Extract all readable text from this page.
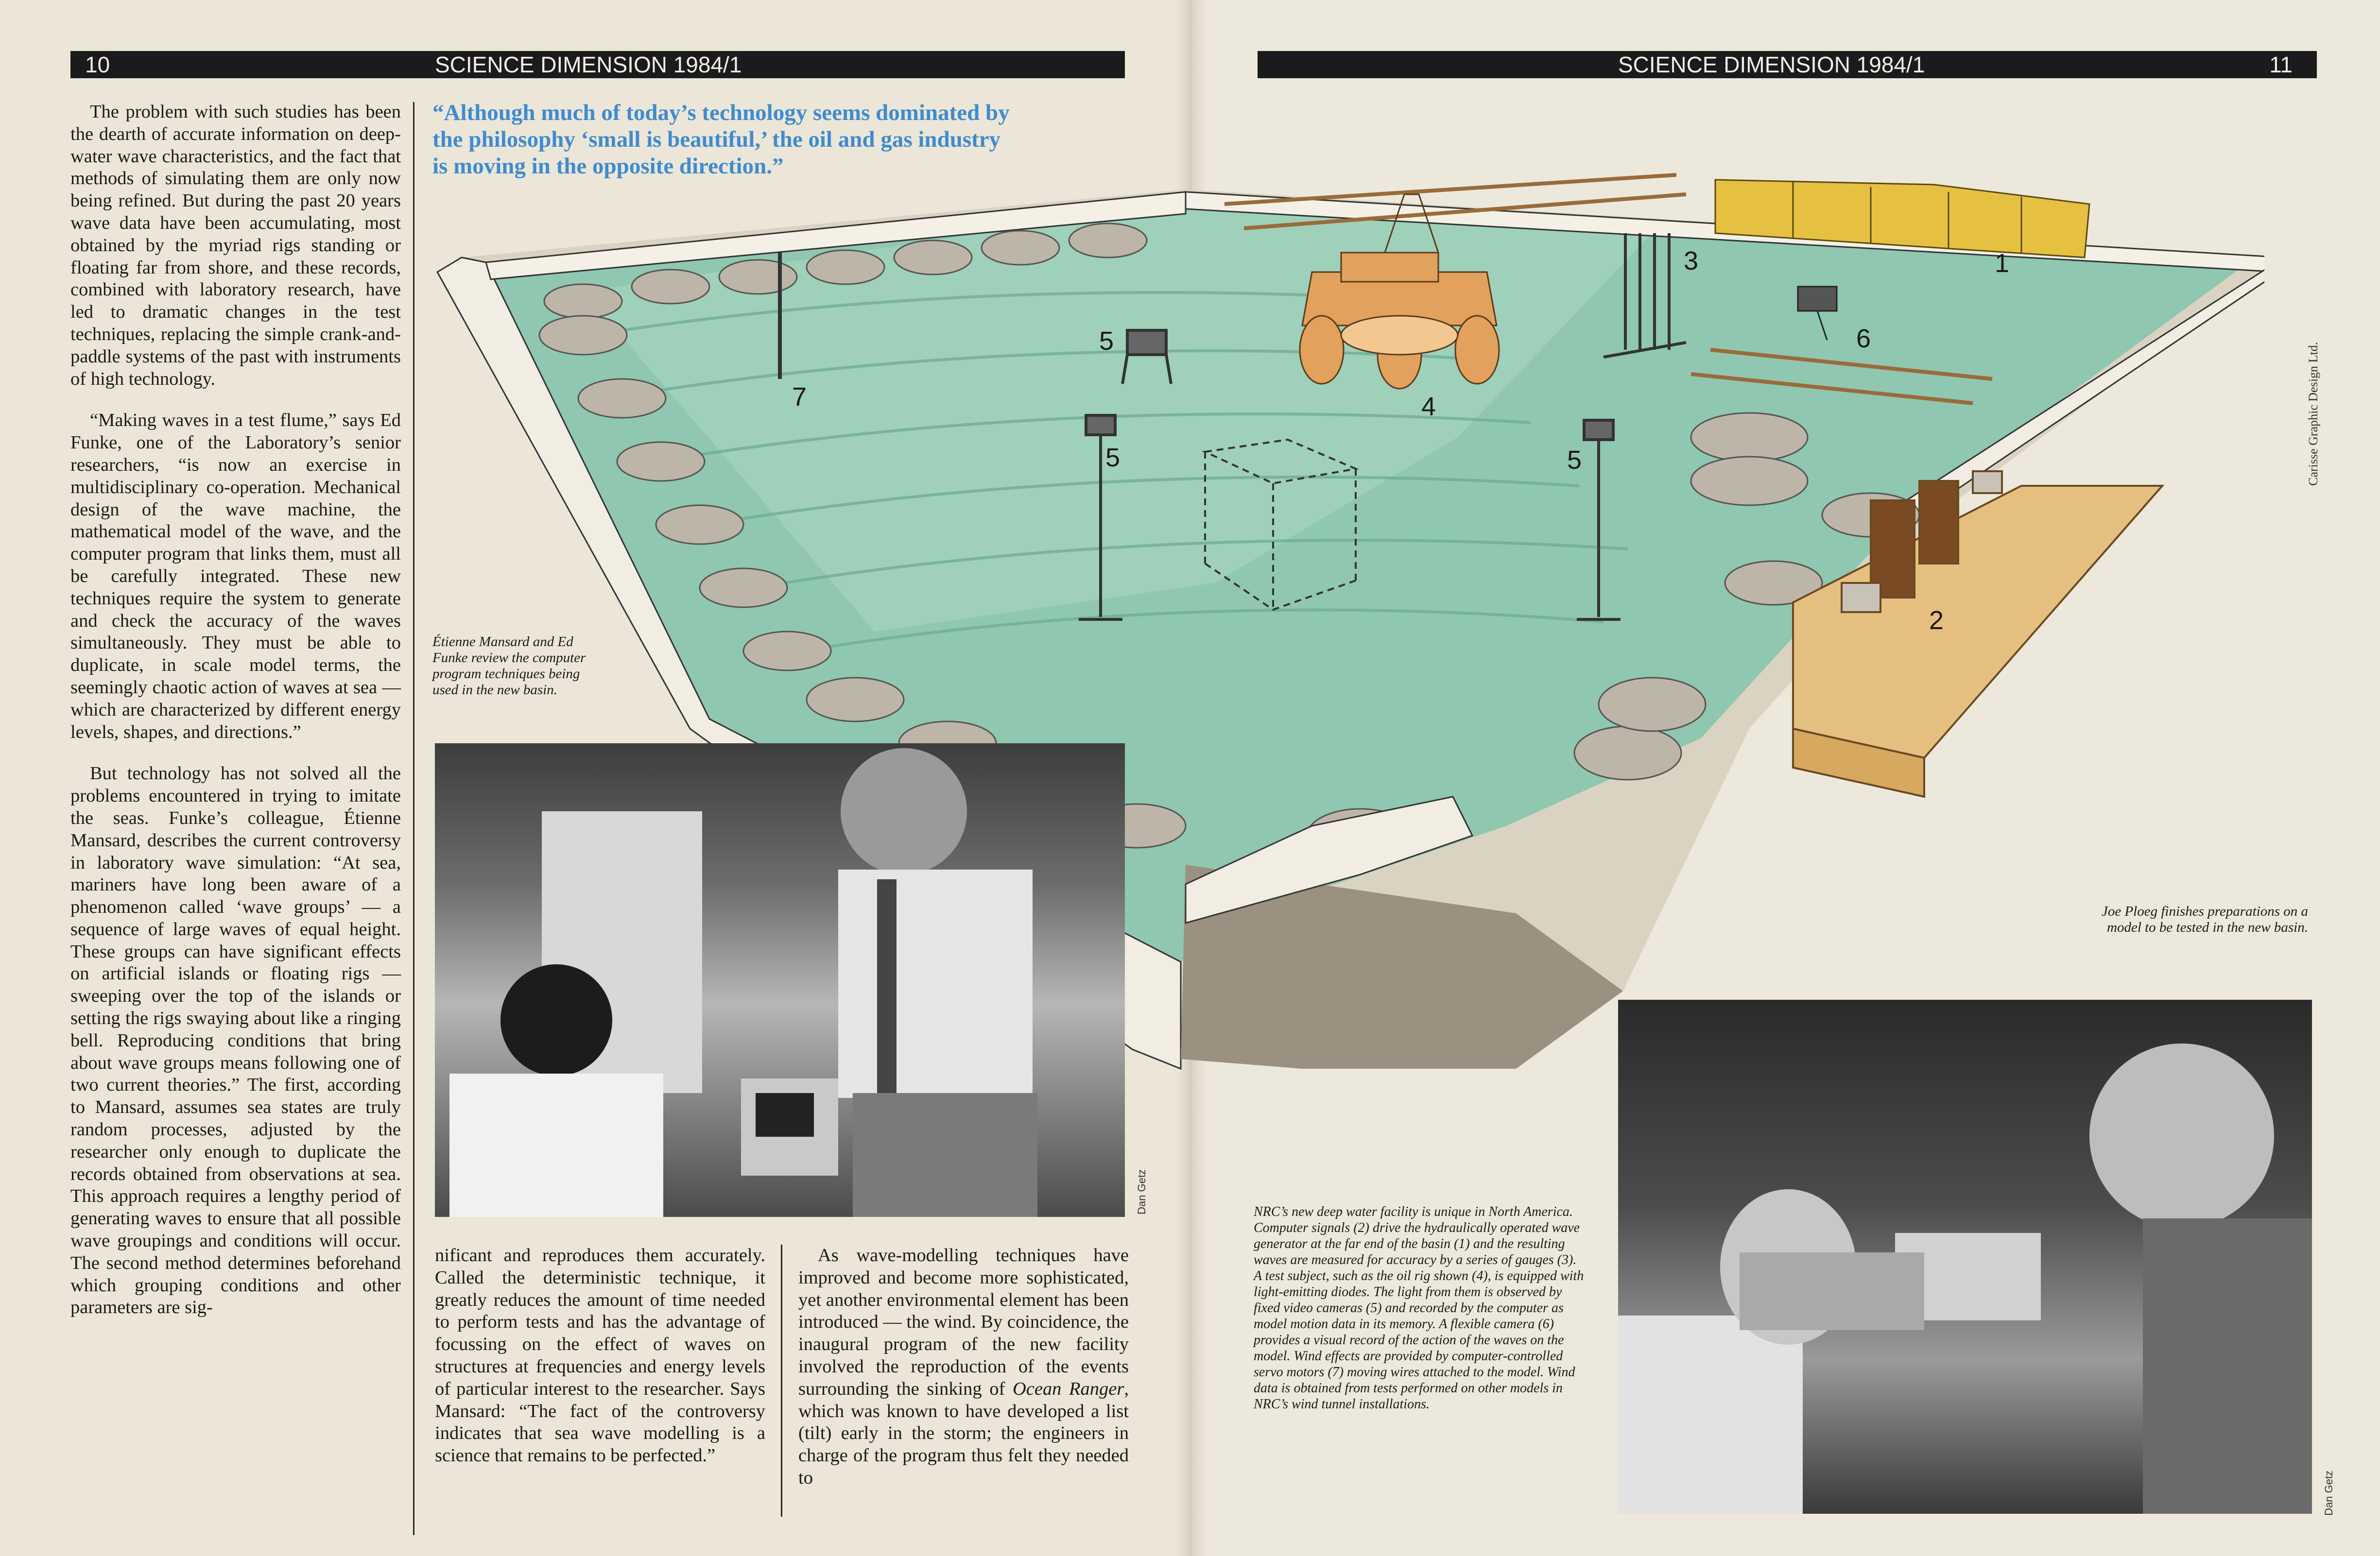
10	SCIENCE DIMENSION 1984/1	SCIENCE DIMENSION 1984/1	11

The problem with such studies has been the dearth of accurate information on deep-water wave characteristics, and the fact that methods of simulating them are only now being refined. But during the past 20 years wave data have been accumulating, most obtained by the myriad rigs standing or floating far from shore, and these records, combined with laboratory research, have led to dramatic changes in the test techniques, replacing the simple crank-and-paddle systems of the past with instruments of high technology.

“Making waves in a test flume,” says Ed Funke, one of the Laboratory’s senior researchers, “is now an exercise in multidisciplinary co-operation. Mechanical design of the wave machine, the mathematical model of the wave, and the computer program that links them, must all be carefully integrated. These new techniques require the system to generate and check the accuracy of the waves simultaneously. They must be able to duplicate, in scale model terms, the seemingly chaotic action of waves at sea — which are characterized by different energy levels, shapes, and directions.”

But technology has not solved all the problems encountered in trying to imitate the seas. Funke’s colleague, Étienne Mansard, describes the current controversy in laboratory wave simulation: “At sea, mariners have long been aware of a phenomenon called ‘wave groups’ — a sequence of large waves of equal height. These groups can have significant effects on artificial islands or floating rigs — sweeping over the top of the islands or setting the rigs swaying about like a ringing bell. Reproducing conditions that bring about wave groups means following one of two current theories.” The first, according to Mansard, assumes sea states are truly random processes, adjusted by the researcher only enough to duplicate the records obtained from observations at sea. This approach requires a lengthy period of generating waves to ensure that all possible wave groupings and conditions will occur. The second method determines beforehand which grouping conditions and other parameters are sig-

“Although much of today’s technology seems dominated by the philosophy ‘small is beautiful,’ the oil and gas industry is moving in the opposite direction.”
1
2
3
4
5
5	5
6
7
Étienne Mansard and Ed Funke review the computer program techniques being used in the new basin.
Dan Getz

nificant and reproduces them accurately. Called the deterministic technique, it greatly reduces the amount of time needed to perform tests and has the advantage of focussing on the effect of waves on structures at frequencies and energy levels of particular interest to the researcher. Says Mansard: “The fact of the controversy indicates that sea wave modelling is a science that remains to be perfected.”

As wave-modelling techniques have improved and become more sophisticated, yet another environmental element has been introduced — the wind. By coincidence, the inaugural program of the new facility involved the reproduction of the events surrounding the sinking of Ocean Ranger, which was known to have developed a list (tilt) early in the storm; the engineers in charge of the program thus felt they needed to

Carisse Graphic Design Ltd.
Joe Ploeg finishes preparations on a model to be tested in the new basin.
NRC’s new deep water facility is unique in North America. Computer signals (2) drive the hydraulically operated wave generator at the far end of the basin (1) and the resulting waves are measured for accuracy by a series of gauges (3). A test subject, such as the oil rig shown (4), is equipped with light-emitting diodes. The light from them is observed by fixed video cameras (5) and recorded by the computer as model motion data in its memory. A flexible camera (6) provides a visual record of the action of the waves on the model. Wind effects are provided by computer-controlled servo motors (7) moving wires attached to the model. Wind data is obtained from tests performed on other models in NRC’s wind tunnel installations.
Dan Getz
